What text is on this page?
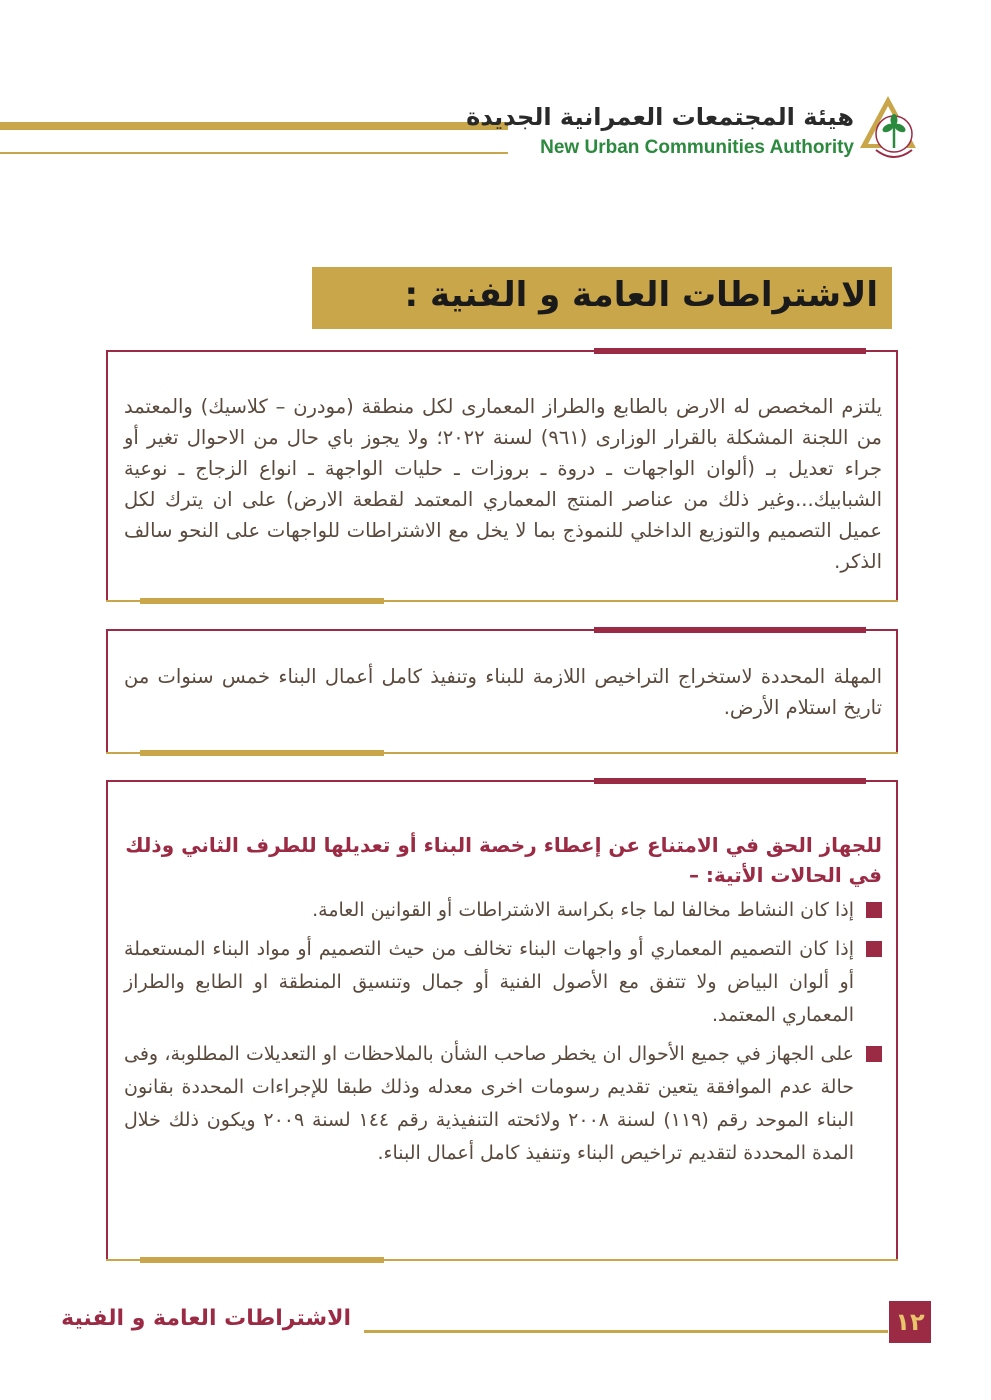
هيئة المجتمعات العمرانية الجديدة
New Urban Communities Authority
الاشتراطات العامة و الفنية :
يلتزم المخصص له الارض بالطابع والطراز المعمارى لكل منطقة (مودرن – كلاسيك) والمعتمد من اللجنة المشكلة بالقرار الوزارى (٩٦١) لسنة ٢٠٢٢؛ ولا يجوز باي حال من الاحوال تغير أو جراء تعديل بـ (ألوان الواجهات ـ دروة ـ بروزات ـ حليات الواجهة ـ انواع الزجاج ـ نوعية الشبابيك...وغير ذلك من عناصر المنتج المعماري المعتمد لقطعة الارض) على ان يترك لكل عميل التصميم والتوزيع الداخلي للنموذج بما لا يخل مع الاشتراطات للواجهات على النحو سالف الذكر.
المهلة المحددة لاستخراج التراخيص اللازمة للبناء وتنفيذ كامل أعمال البناء خمس سنوات من تاريخ استلام الأرض.
للجهاز الحق في الامتناع عن إعطاء رخصة البناء أو تعديلها للطرف الثاني وذلك في الحالات الأتية: –
إذا كان النشاط مخالفا لما جاء بكراسة الاشتراطات أو القوانين العامة.
إذا كان التصميم المعماري أو واجهات البناء تخالف من حيث التصميم أو مواد البناء المستعملة أو ألوان البياض ولا تتفق مع الأصول الفنية أو جمال وتنسيق المنطقة او الطابع والطراز المعماري المعتمد.
على الجهاز في جميع الأحوال ان يخطر صاحب الشأن بالملاحظات او التعديلات المطلوبة، وفى حالة عدم الموافقة يتعين تقديم رسومات اخرى معدله وذلك طبقا للإجراءات المحددة بقانون البناء الموحد رقم (١١٩) لسنة ٢٠٠٨ ولائحته التنفيذية رقم ١٤٤ لسنة ٢٠٠٩ ويكون ذلك خلال المدة المحددة لتقديم تراخيص البناء وتنفيذ كامل أعمال البناء.
الاشتراطات العامة و الفنية	١٢
